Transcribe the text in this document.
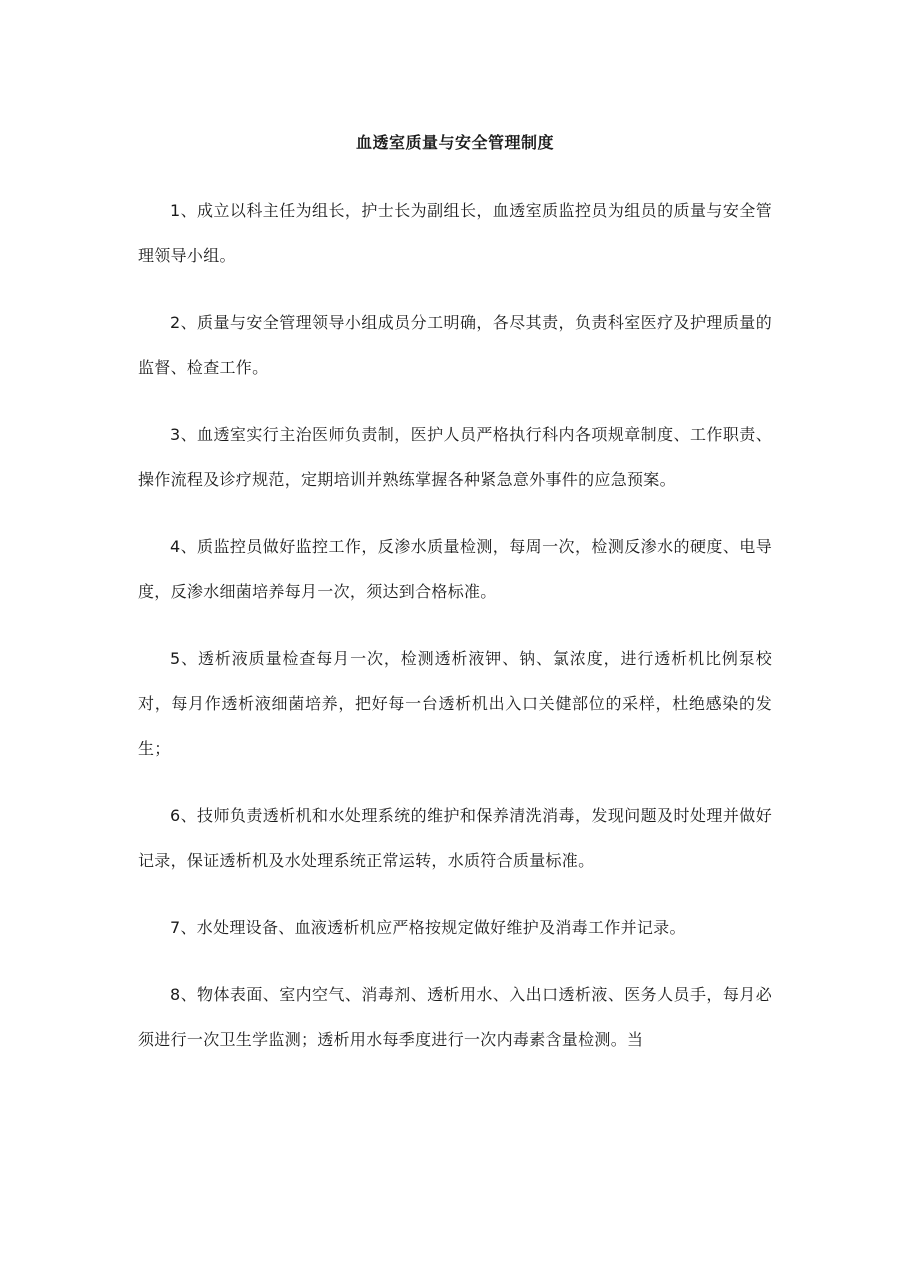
血透室质量与安全管理制度
1、成立以科主任为组长，护士长为副组长，血透室质监控员为组员的质量与安全管理领导小组。
2、质量与安全管理领导小组成员分工明确，各尽其责，负责科室医疗及护理质量的监督、检查工作。
3、血透室实行主治医师负责制，医护人员严格执行科内各项规章制度、工作职责、操作流程及诊疗规范，定期培训并熟练掌握各种紧急意外事件的应急预案。
4、质监控员做好监控工作，反渗水质量检测，每周一次，检测反渗水的硬度、电导度，反渗水细菌培养每月一次，须达到合格标准。
5、透析液质量检查每月一次，检测透析液钾、钠、氯浓度，进行透析机比例泵校对，每月作透析液细菌培养，把好每一台透析机出入口关健部位的采样，杜绝感染的发生；
6、技师负责透析机和水处理系统的维护和保养清洗消毒，发现问题及时处理并做好记录，保证透析机及水处理系统正常运转，水质符合质量标准。
7、水处理设备、血液透析机应严格按规定做好维护及消毒工作并记录。
8、物体表面、室内空气、消毒剂、透析用水、入出口透析液、医务人员手，每月必须进行一次卫生学监测；透析用水每季度进行一次内毒素含量检测。当
